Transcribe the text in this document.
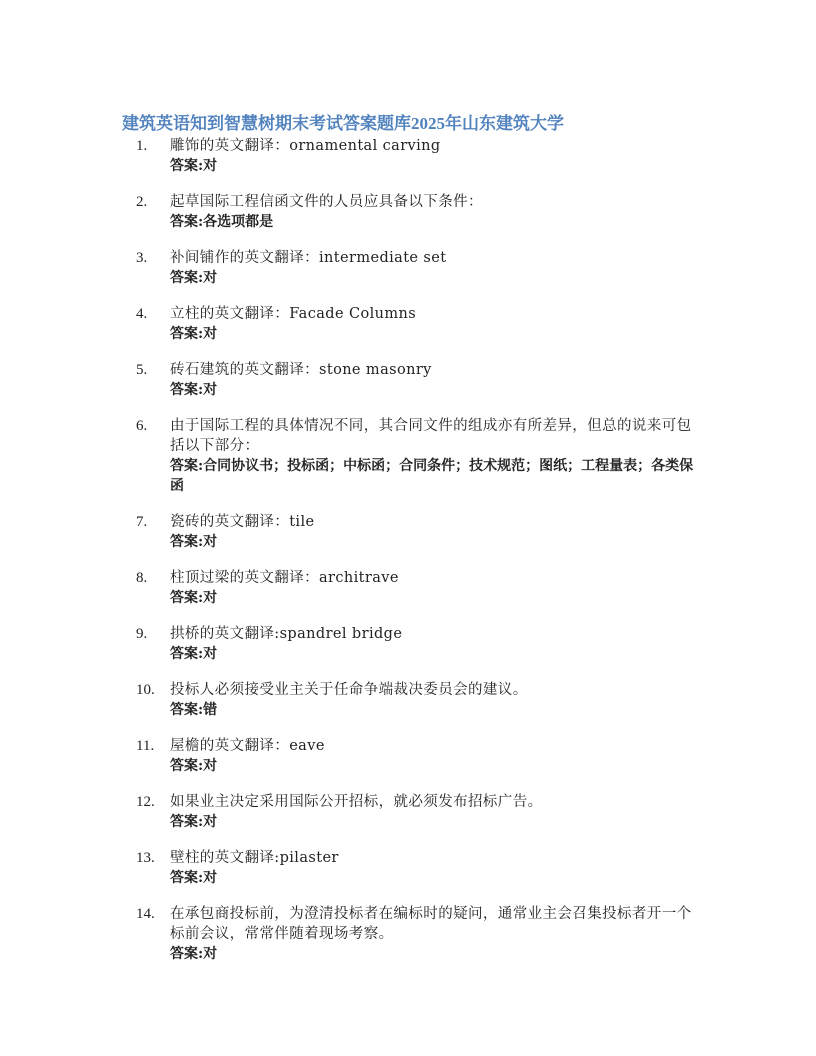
建筑英语知到智慧树期末考试答案题库2025年山东建筑大学
1.	雕饰的英文翻译：ornamental carving
答案:对
2.	起草国际工程信函文件的人员应具备以下条件：
答案:各选项都是
3.	补间铺作的英文翻译：intermediate set
答案:对
4.	立柱的英文翻译：Facade Columns
答案:对
5.	砖石建筑的英文翻译：stone masonry
答案:对
6.	由于国际工程的具体情况不同，其合同文件的组成亦有所差异，但总的说来可包括以下部分：
答案:合同协议书；投标函；中标函；合同条件；技术规范；图纸；工程量表；各类保函
7.	瓷砖的英文翻译：tile
答案:对
8.	柱顶过梁的英文翻译：architrave
答案:对
9.	拱桥的英文翻译:spandrel bridge
答案:对
10.	投标人必须接受业主关于任命争端裁决委员会的建议。
答案:错
11.	屋檐的英文翻译：eave
答案:对
12.	如果业主决定采用国际公开招标，就必须发布招标广告。
答案:对
13.	壁柱的英文翻译:pilaster
答案:对
14.	在承包商投标前，为澄清投标者在编标时的疑问，通常业主会召集投标者开一个标前会议，常常伴随着现场考察。
答案:对
